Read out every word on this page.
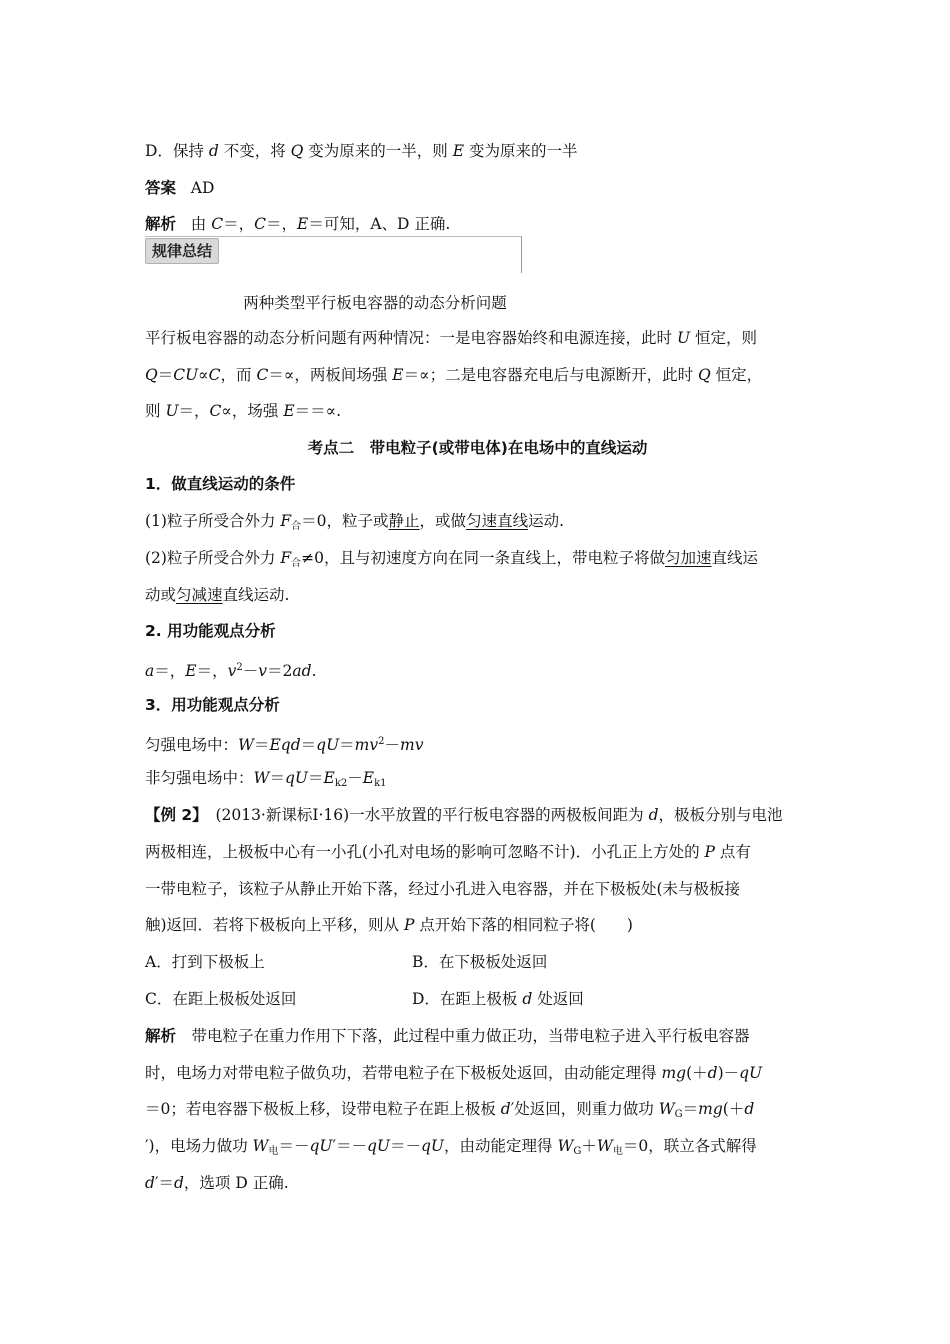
D．保持 d 不变，将 Q 变为原来的一半，则 E 变为原来的一半
答案 AD
解析 由 C＝，C＝，E＝可知，A、D 正确.
规律总结
两种类型平行板电容器的动态分析问题
平行板电容器的动态分析问题有两种情况：一是电容器始终和电源连接，此时 U 恒定，则
Q＝CU∝C，而 C＝∝，两板间场强 E＝∝；二是电容器充电后与电源断开，此时 Q 恒定，
则 U＝，C∝，场强 E＝＝∝.
考点二　带电粒子(或带电体)在电场中的直线运动
1．做直线运动的条件
(1)粒子所受合外力 $F_合=0$，粒子或静止，或做匀速直线运动.
(2)粒子所受合外力 $F_合\ne 0$，且与初速度方向在同一条直线上，带电粒子将做匀加速直线运
动或匀减速直线运动.
2. 用功能观点分析
a＝，E＝，$v^2-v=2ad$.
3．用功能观点分析
匀强电场中：$W=Eqd=qU=mv^2-mv$
非匀强电场中：$W=qU=E_{k2}-E_{k1}$
【例 2】　(2013·新课标Ⅰ·16)一水平放置的平行板电容器的两极板间距为 d，极板分别与电池
两极相连，上极板中心有一小孔(小孔对电场的影响可忽略不计)．小孔正上方处的 P 点有
一带电粒子，该粒子从静止开始下落，经过小孔进入电容器，并在下极板处(未与极板接
触)返回．若将下极板向上平移，则从 P 点开始下落的相同粒子将(　　)
A．打到下极板上	B．在下极板处返回
C．在距上极板处返回	D．在距上极板 d 处返回
解析　带电粒子在重力作用下下落，此过程中重力做正功，当带电粒子进入平行板电容器
时，电场力对带电粒子做负功，若带电粒子在下极板处返回，由动能定理得 mg(＋d)－qU
＝0；若电容器下极板上移，设带电粒子在距上极板 d′处返回，则重力做功 $W_G=mg(+d$
′)，电场力做功 $W_电=-qU'=-qU=-qU$，由动能定理得 $W_G+W_电=0$，联立各式解得
d′＝d，选项 D 正确.
